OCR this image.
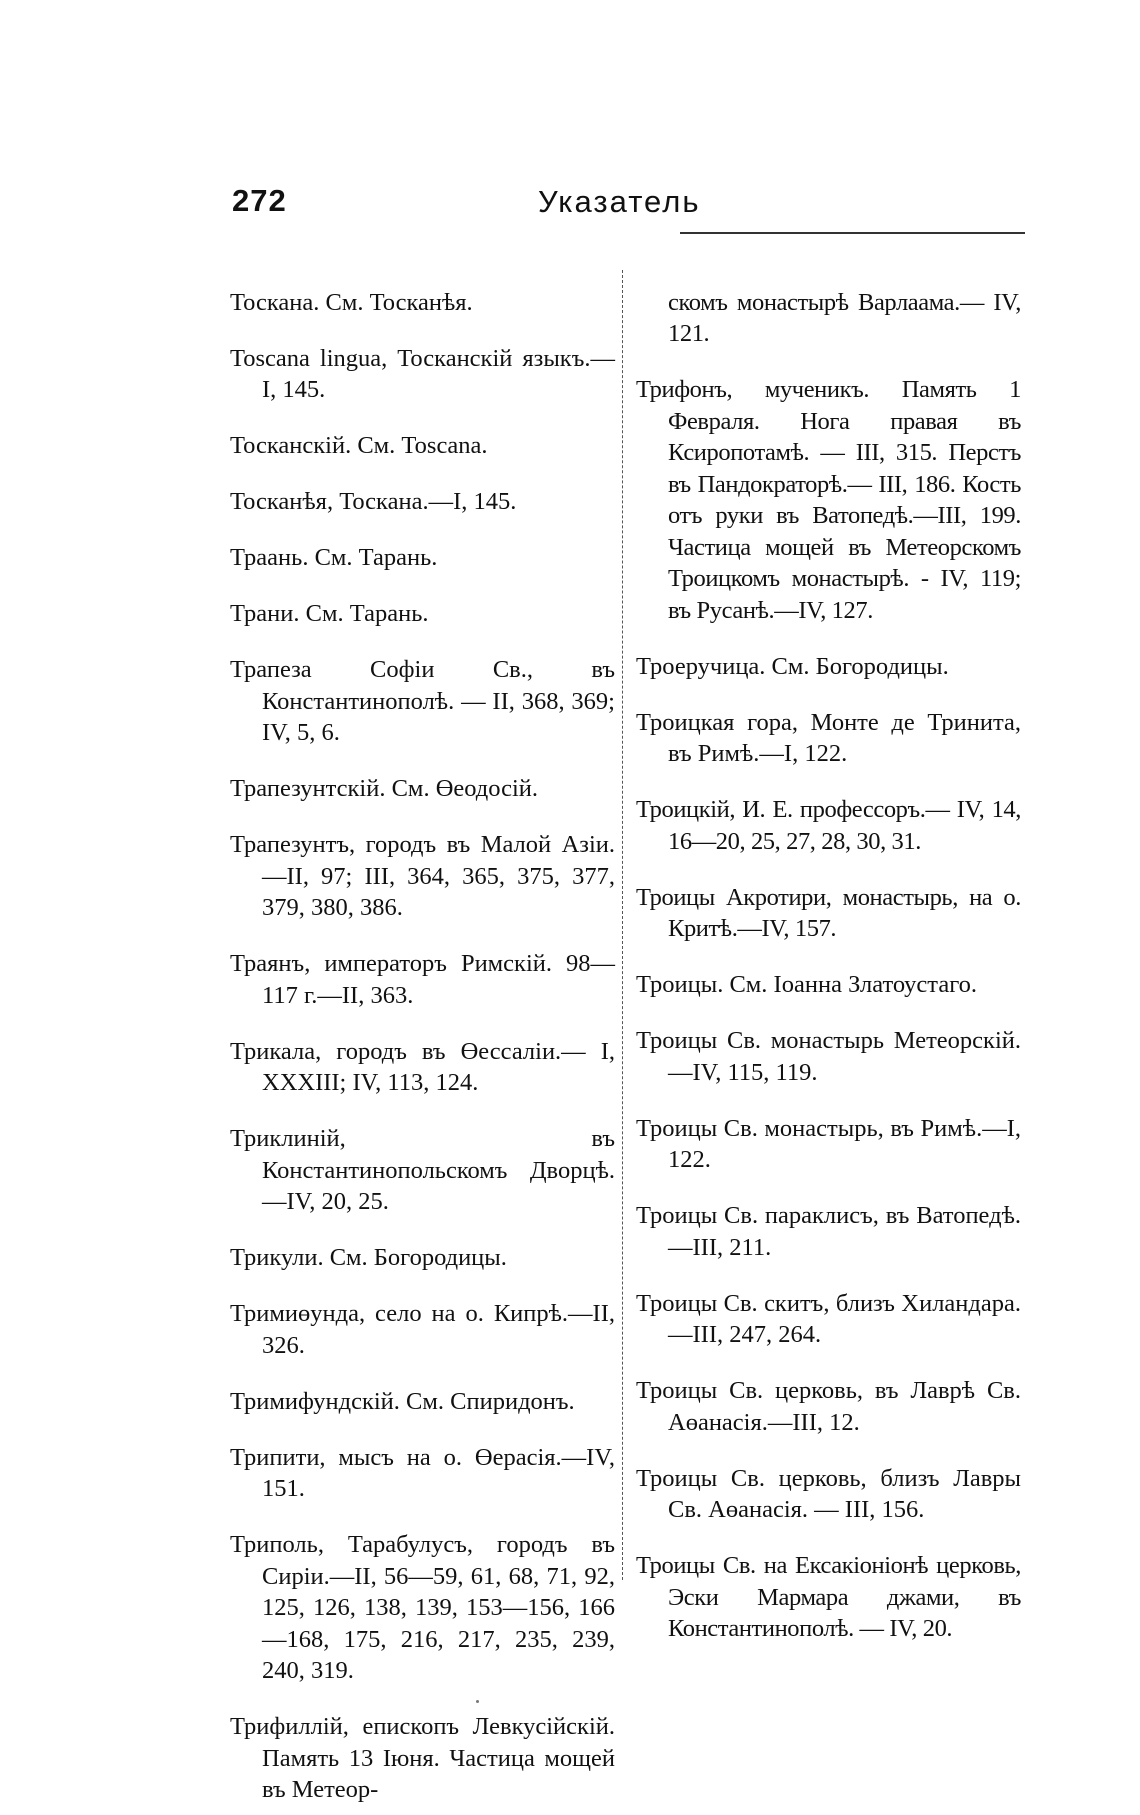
272	Указатель

Тоскана. См. Тосканѣя.

Toscana lingua, Тосканскій языкъ.—I, 145.

Тосканскій. См. Toscana.

Тосканѣя, Тоскана.—I, 145.

Траань. См. Тарань.

Трани. См. Тарань.

Трапеза Софіи Св., въ Константинополѣ. — II, 368, 369; IV, 5, 6.

Трапезунтскій. См. Өеодосій.

Трапезунтъ, городъ въ Малой Азіи.—II, 97; III, 364, 365, 375, 377, 379, 380, 386.

Траянъ, императоръ Римскій. 98—117 г.—II, 363.

Трикала, городъ въ Өессаліи.— I, XXXIII; IV, 113, 124.

Триклиній, въ Константинопольскомъ Дворцѣ.—IV, 20, 25.

Трикули. См. Богородицы.

Тримиөунда, село на о. Кипрѣ.—II, 326.

Тримифундскій. См. Спиридонъ.

Трипити, мысъ на о. Өерасія.—IV, 151.

Триполь, Тарабулусъ, городъ въ Сиріи.—II, 56—59, 61, 68, 71, 92, 125, 126, 138, 139, 153—156, 166—168, 175, 216, 217, 235, 239, 240, 319.

Трифиллій, епископъ Левкусійскій. Память 13 Іюня. Частица мощей въ Метеор-

скомъ монастырѣ Варлаама.— IV, 121.

Трифонъ, мученикъ. Память 1 Февраля. Нога правая въ Ксиропотамѣ. — III, 315. Перстъ въ Пандократорѣ.— III, 186. Кость отъ руки въ Ватопедѣ.—III, 199. Частица мощей въ Метеорскомъ Троицкомъ монастырѣ. - IV, 119; въ Русанѣ.—IV, 127.

Троеручица. См. Богородицы.

Троицкая гора, Монте де Тринита, въ Римѣ.—I, 122.

Троицкій, И. Е. профессоръ.— IV, 14, 16—20, 25, 27, 28, 30, 31.

Троицы Акротири, монастырь, на о. Критѣ.—IV, 157.

Троицы. См. Іоанна Златоустаго.

Троицы Св. монастырь Метеорскій.—IV, 115, 119.

Троицы Св. монастырь, въ Римѣ.—I, 122.

Троицы Св. параклисъ, въ Ватопедѣ.—III, 211.

Троицы Св. скитъ, близъ Хиландара.—III, 247, 264.

Троицы Св. церковь, въ Лаврѣ Св. Аөанасія.—III, 12.

Троицы Св. церковь, близъ Лавры Св. Аөанасія. — III, 156.

Троицы Св. на Ексакіоніонѣ церковь, Эски Мармара джами, въ Константинополѣ. — IV, 20.
